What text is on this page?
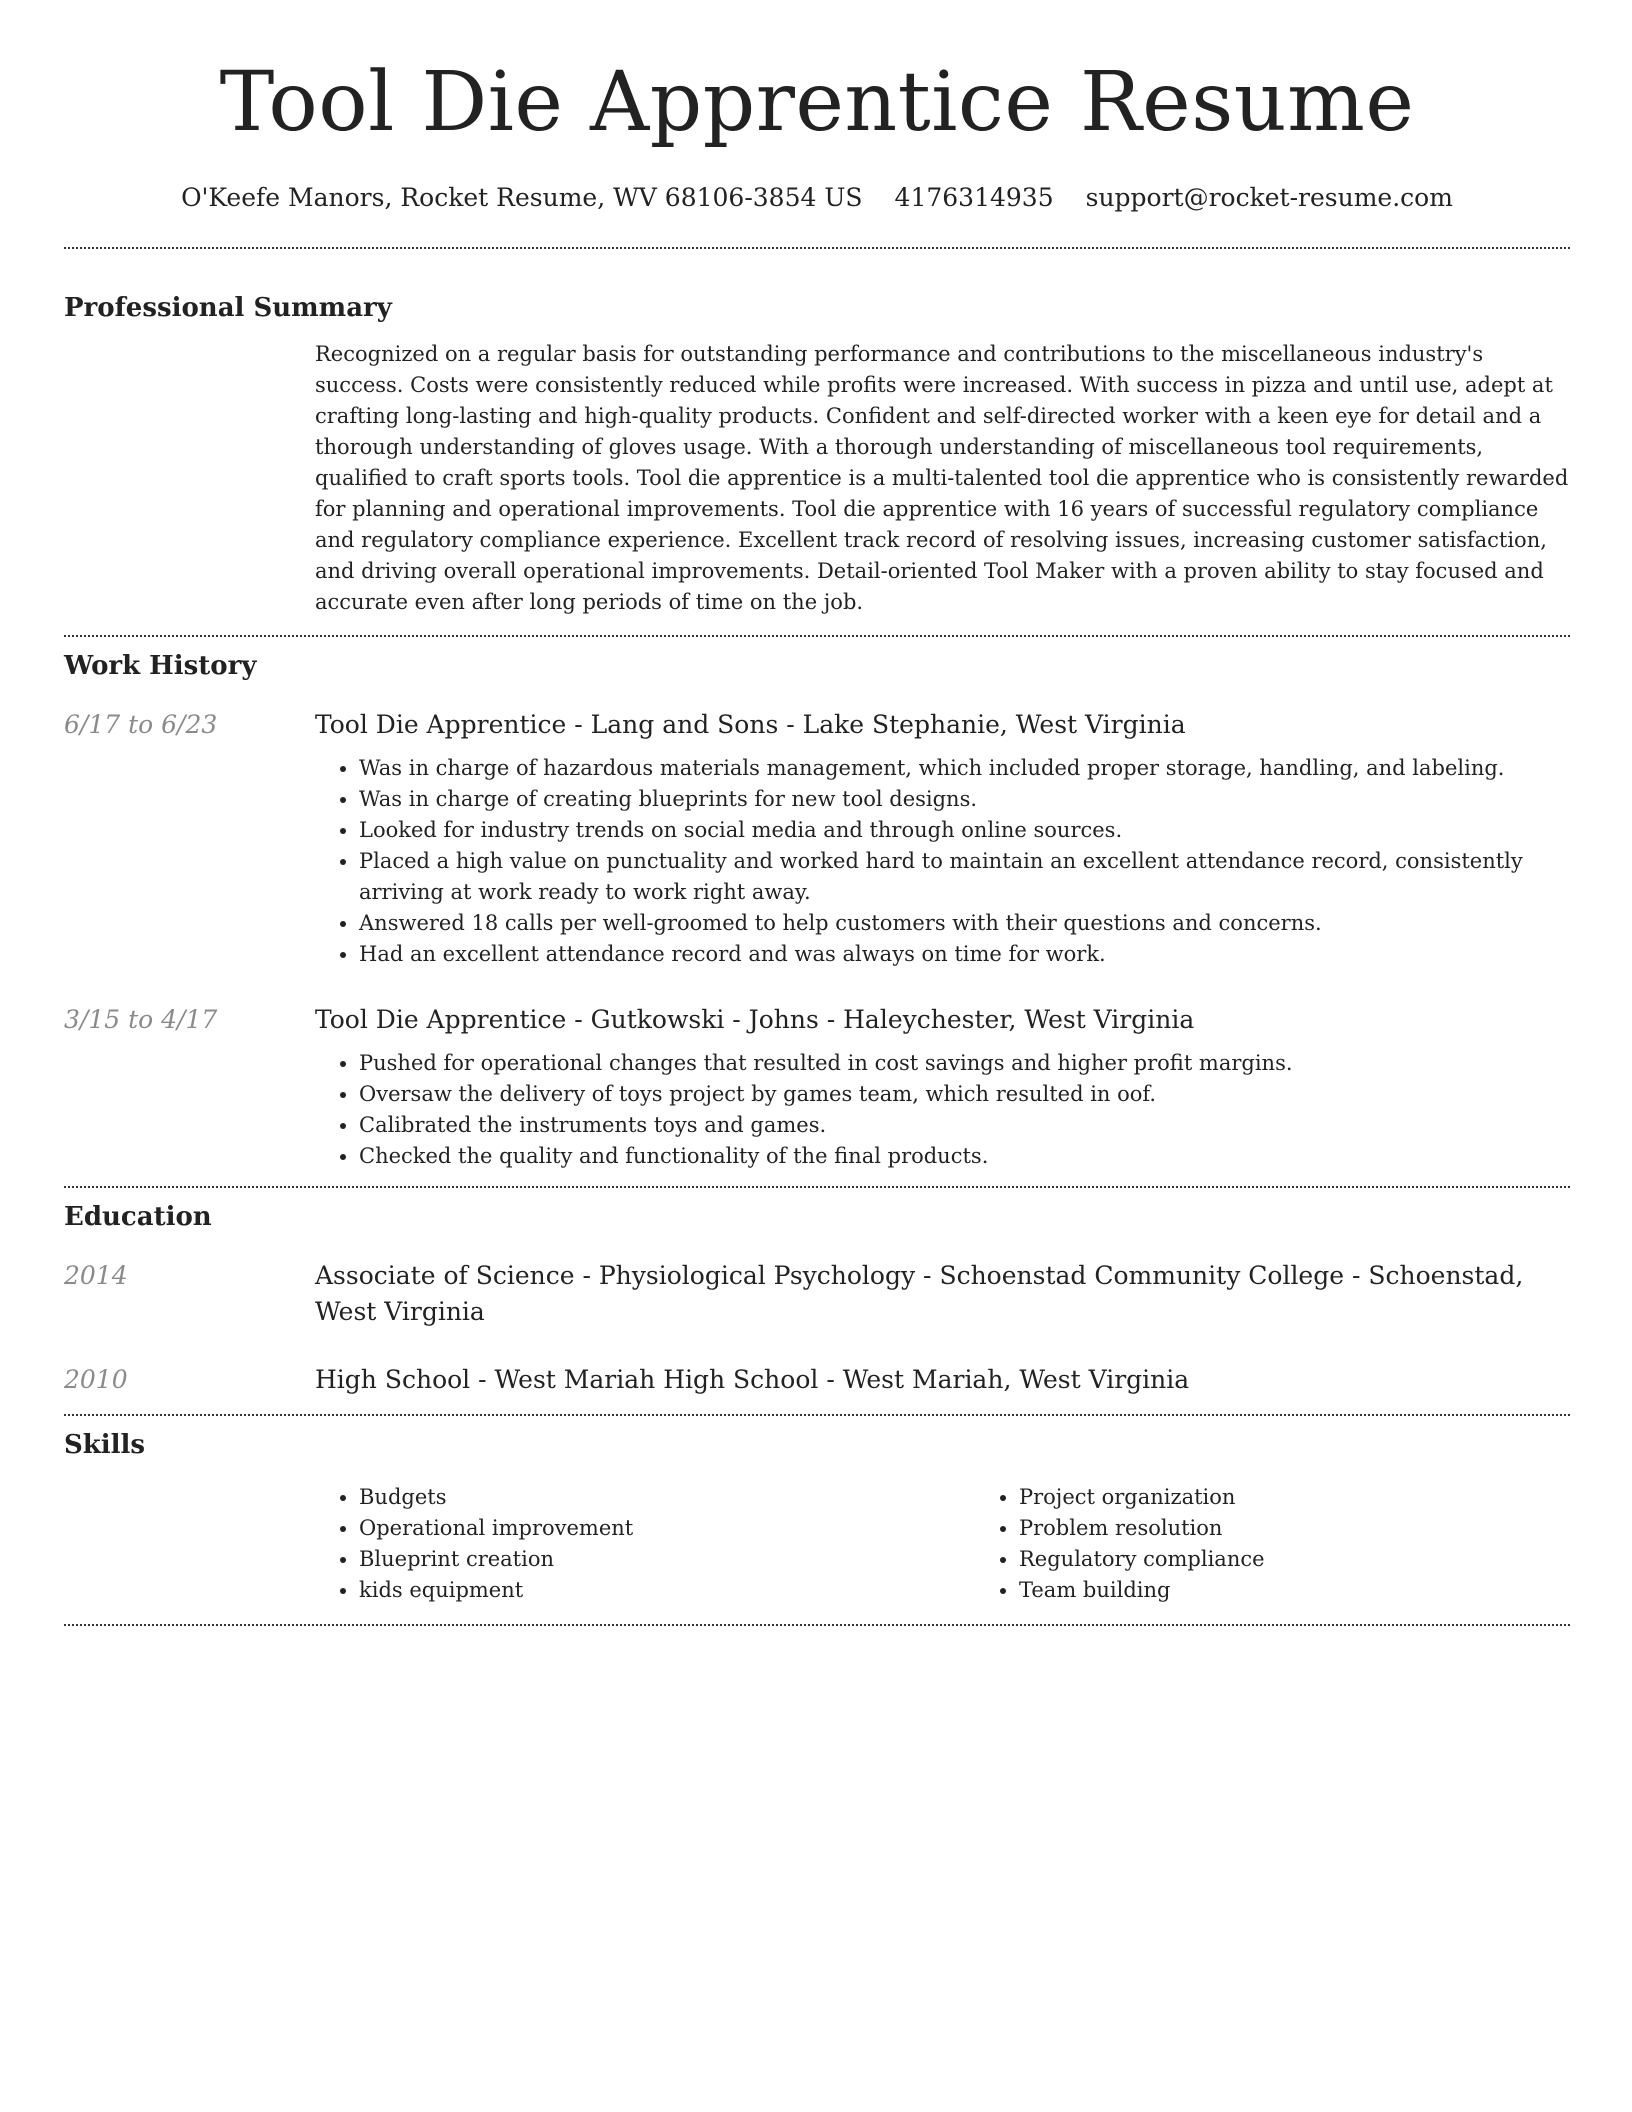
Tool Die Apprentice Resume
O'Keefe Manors, Rocket Resume, WV 68106-3854 US 4176314935 support@rocket-resume.com
Professional Summary

Recognized on a regular basis for outstanding performance and contributions to the miscellaneous industry's success. Costs were consistently reduced while profits were increased. With success in pizza and until use, adept at crafting long-lasting and high-quality products. Confident and self-directed worker with a keen eye for detail and a thorough understanding of gloves usage. With a thorough understanding of miscellaneous tool requirements, qualified to craft sports tools. Tool die apprentice is a multi-talented tool die apprentice who is consistently rewarded for planning and operational improvements. Tool die apprentice with 16 years of successful regulatory compliance and regulatory compliance experience. Excellent track record of resolving issues, increasing customer satisfaction, and driving overall operational improvements. Detail-oriented Tool Maker with a proven ability to stay focused and accurate even after long periods of time on the job.

Work History
6/17 to 6/23	Tool Die Apprentice - Lang and Sons - Lake Stephanie, West Virginia
• Was in charge of hazardous materials management, which included proper storage, handling, and labeling.
• Was in charge of creating blueprints for new tool designs.
• Looked for industry trends on social media and through online sources.
• Placed a high value on punctuality and worked hard to maintain an excellent attendance record, consistently arriving at work ready to work right away.
• Answered 18 calls per well-groomed to help customers with their questions and concerns.
• Had an excellent attendance record and was always on time for work.
3/15 to 4/17	Tool Die Apprentice - Gutkowski - Johns - Haleychester, West Virginia
• Pushed for operational changes that resulted in cost savings and higher profit margins.
• Oversaw the delivery of toys project by games team, which resulted in oof.
• Calibrated the instruments toys and games.
• Checked the quality and functionality of the final products.
Education
2014	Associate of Science - Physiological Psychology - Schoenstad Community College - Schoenstad, West Virginia
2010	High School - West Mariah High School - West Mariah, West Virginia
Skills
• Budgets
• Operational improvement
• Blueprint creation
• kids equipment
• Project organization
• Problem resolution
• Regulatory compliance
• Team building
